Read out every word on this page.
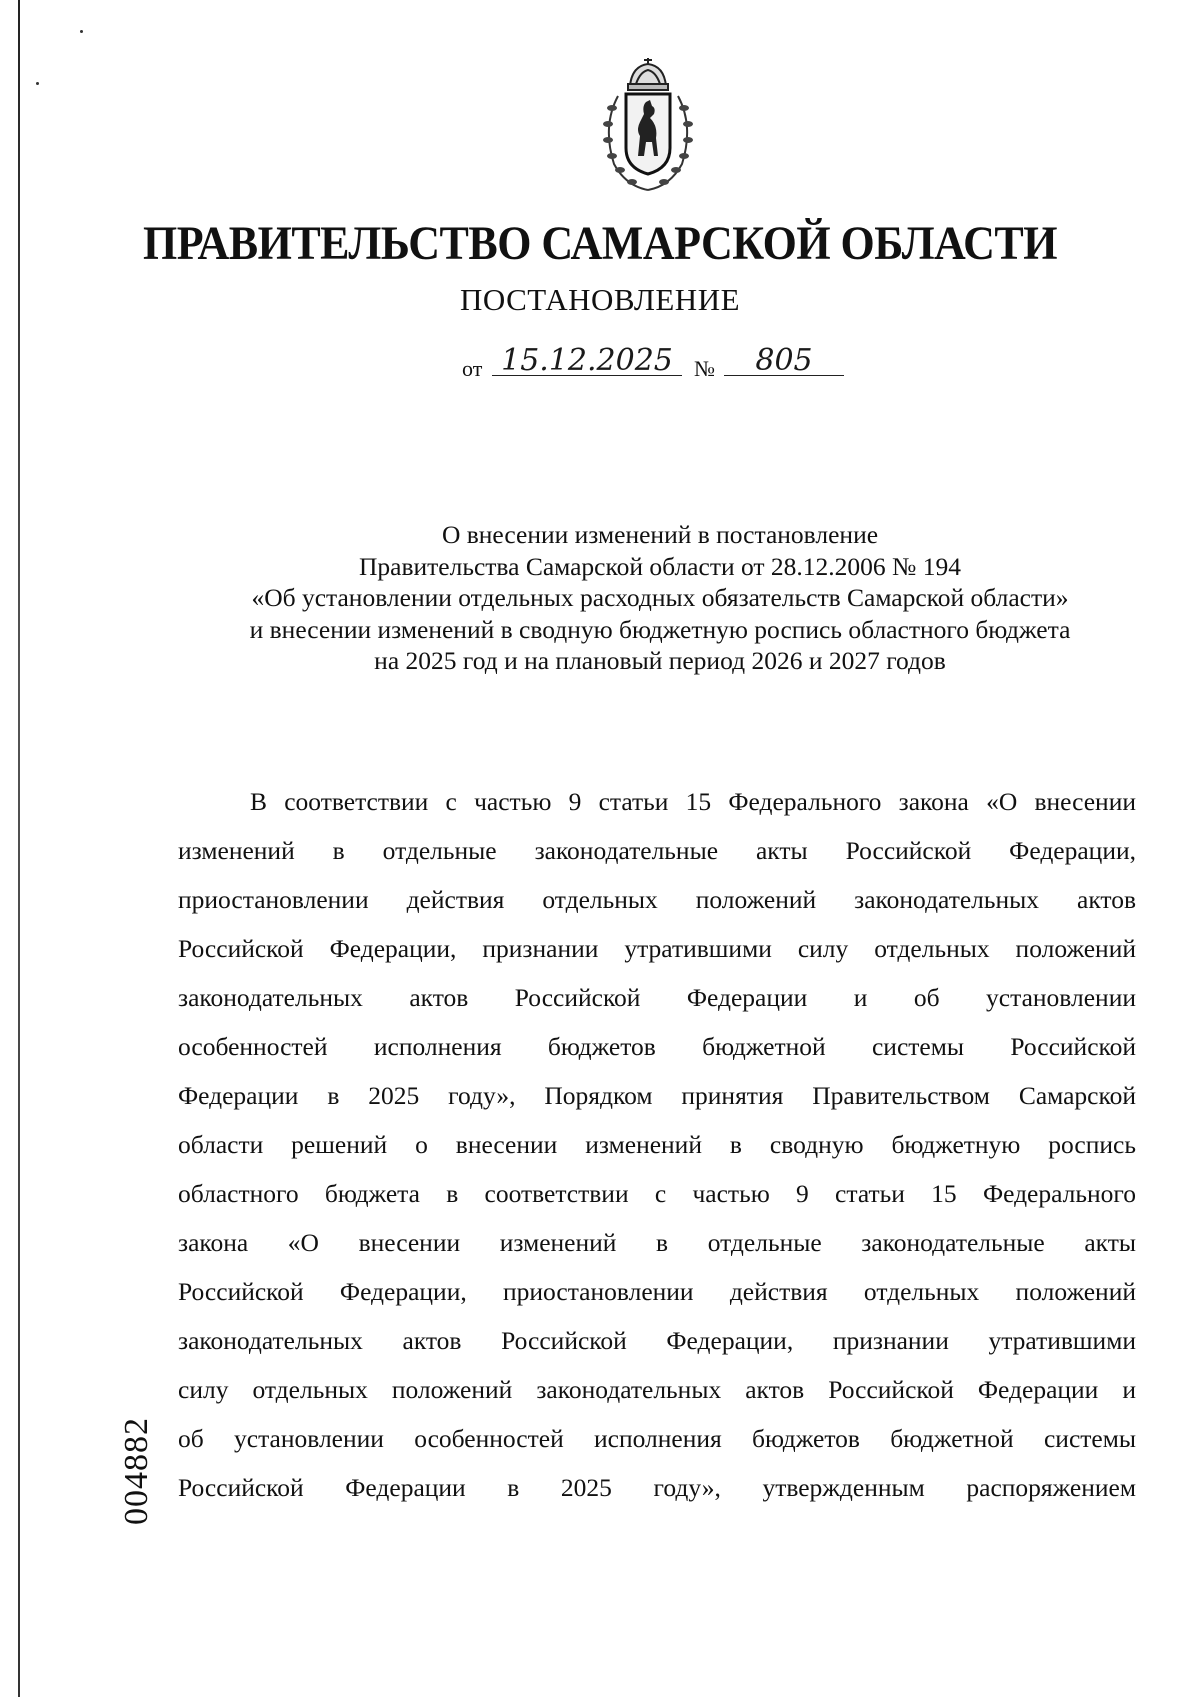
ПРАВИТЕЛЬСТВО САМАРСКОЙ ОБЛАСТИ
ПОСТАНОВЛЕНИЕ
от 15.12.2025 №	805
О внесении изменений в постановление
Правительства Самарской области от 28.12.2006 № 194
«Об установлении отдельных расходных обязательств Самарской области»
и внесении изменений в сводную бюджетную роспись областного бюджета
на 2025 год и на плановый период 2026 и 2027 годов
В соответствии с частью 9 статьи 15 Федерального закона «О внесении
изменений в отдельные законодательные акты Российской Федерации,
приостановлении действия отдельных положений законодательных актов
Российской Федерации, признании утратившими силу отдельных положений
законодательных актов Российской Федерации и об установлении
особенностей исполнения бюджетов бюджетной системы Российской
Федерации в 2025 году», Порядком принятия Правительством Самарской
области решений о внесении изменений в сводную бюджетную роспись
областного бюджета в соответствии с частью 9 статьи 15 Федерального
закона «О внесении изменений в отдельные законодательные акты
Российской Федерации, приостановлении действия отдельных положений
законодательных актов Российской Федерации, признании утратившими
силу отдельных положений законодательных актов Российской Федерации и
об установлении особенностей исполнения бюджетов бюджетной системы
Российской Федерации в 2025 году», утвержденным распоряжением
004882
